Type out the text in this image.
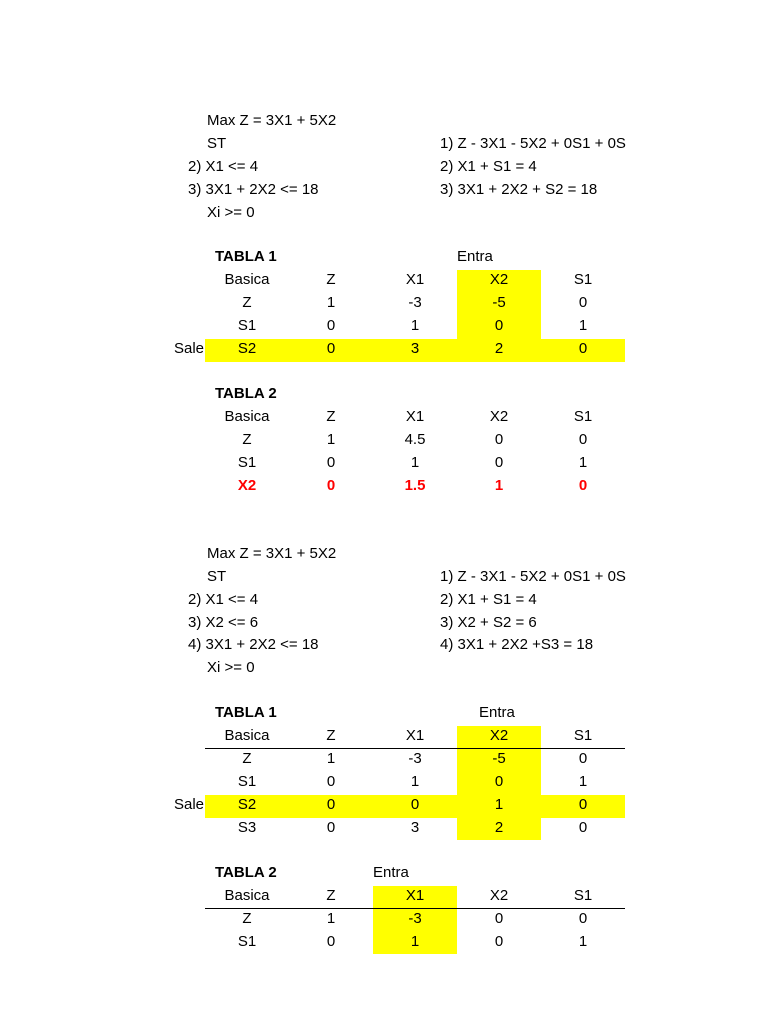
Max Z = 3X1 + 5X2
ST
2) X1 <= 4
3) 3X1 + 2X2 <= 18
Xi >= 0
1) Z - 3X1 - 5X2 + 0S1 + 0S
2) X1 + S1 = 4
3) 3X1 + 2X2 + S2 = 18
TABLA 1	Entra
Sale
Basica	Z	X1	X2	S1
Z	1	-3	-5	0
S1	0	1	0	1
S2	0	3	2	0
TABLA 2
Basica	Z	X1	X2	S1
Z	1	4.5	0	0
S1	0	1	0	1
X2	0	1.5	1	0
Max Z = 3X1 + 5X2
ST
2) X1 <= 4
3) X2 <= 6
4) 3X1 + 2X2 <= 18
Xi >= 0
1) Z - 3X1 - 5X2 + 0S1 + 0S
2) X1 + S1 = 4
3) X2 + S2 = 6
4) 3X1 + 2X2 +S3 = 18
TABLA 1	Entra
Sale
Basica	Z	X1	X2	S1
Z	1	-3	-5	0
S1	0	1	0	1
S2	0	0	1	0
S3	0	3	2	0
TABLA 2	Entra
Basica	Z	X1	X2	S1
Z	1	-3	0	0
S1	0	1	0	1
